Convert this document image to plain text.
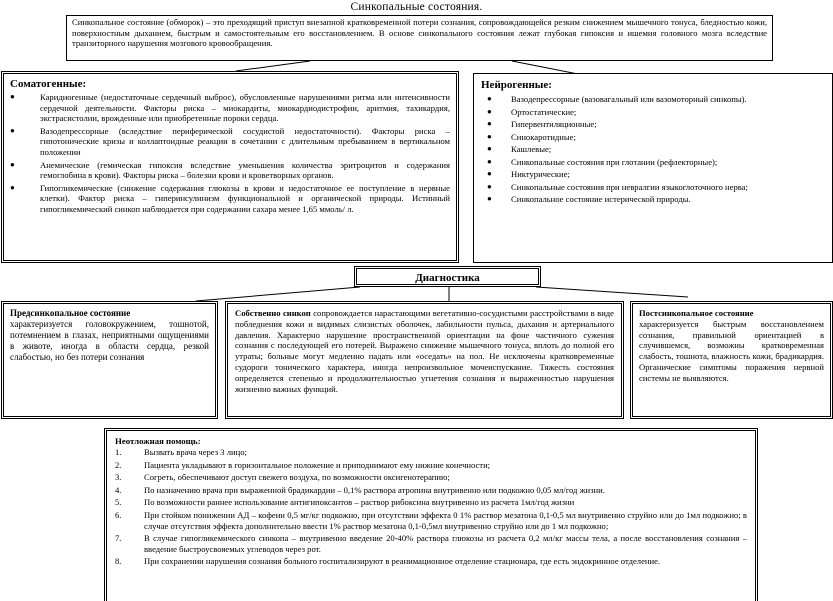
Синкопальные состояния.
Синкопальное состояние (обморок) – это преходящий приступ внезапной кратковременной потери сознания, сопровождающейся резким снижением мышечного тонуса, бледностью кожи, поверхностным дыханием, быстрым и самостоятельным его восстановлением. В основе синкопального состояния лежат глубокая гипоксия и ишемия головного мозга вследствие транзиторного нарушения мозгового кровообращения.
Соматогенные:
●	Каридиогенные (недостаточные сердечный выброс), обусловленные нарушениями ритма или интенсивности сердечной деятельности. Факторы риска – миокардиты, миокардиодистрофии, аритмия, тахикардия, экстрасистолии, врожденные или приобретенные пороки сердца.
●	Вазодепрессорные (вследствие периферической сосудистой недостаточности). Факторы риска – гипотонические кризы и коллаптоидные реакции в сочетании с длительным пребыванием в вертикальном положении
●	Анемические (гемическая гипоксия вследствие уменьшения количества эритроцитов и содержания гемоглобина в крови). Факторы риска – болезни крови и кроветворных органов.
●	Гипогликемические (снижение содержания глюкозы в крови и недостаточное ее поступление в нервные клетки). Фактор риска – гиперинсулинизм функциональной и органической природы. Истинный гипогликемический синкоп наблюдается при содержании сахара менее 1,65 ммоль/ л.
Нейрогенные:
● Вазодепрессорные (вазовагальный или вазомоторный синкопы).
● Ортостатические;
● Гипервентиляционные;
● Синокаротидные;
● Кашлевые;
● Синкопальные состояния при глотании (рефлекторные);
● Никтурические;
● Синкопальные состояния при невралгии языкоглоточного нерва;
● Синкопальное состояние истерической природы.
Диагностика
Предсинкопальное состояние
характеризуется головокружением, тошнотой, потемнением в глазах, неприятными ощущениями в животе, иногда в области сердца, резкой слабостью, но без потери сознания
Собственно синкоп сопровождается нарастающими вегетативно-сосудистыми расстройствами в виде побледнения кожи и видимых слизистых оболочек, лабильности пульса, дыхания и артериального давления. Характерно нарушение пространственной ориентации на фоне частичного сужения сознания с последующей его потерей. Выражено снижение мышечного тонуса, вплоть до полной его утраты; больные могут медленно падать или «оседать» на пол. Не исключены кратковременные судороги тонического характера, иногда непроизвольное мочеиспускание. Тяжесть состояния определяется степенью и продолжительностью угнетения сознания и выраженностью нарушения жизненно важных функций.
Постсинкопальное состояние
характеризуется быстрым восстановлением сознания, правильной ориентацией в случившемся, возможны кратковременная слабость, тошнота, влажность кожи, брадикардия. Органические симптомы поражения нервной системы не выявляются.
Неотложная помощь:
1.	Вызвать врача через 3 лицо;
2.	Пациента укладывают в горизонтальное положение и приподнимают ему нижние конечности;
3.	Согреть, обеспечивают доступ свежего воздуха, по возможности оксигенотерапию;
4.	По назначению врача при выраженной брадикардии – 0,1% раствора атропина внутривенно или подкожно 0,05 мл/год жизни.
5.	По возможности раннее использование антигипоксантов – раствор рибоксина внутривенно из расчета 1мл/год жизни
6.	При стойком понижении АД – кофеин 0,5 мг/кг подкожно, при отсутствии эффекта 0 1% раствор мезатона 0,1-0,5 мл внутривенно струйно или до 1мл подкожно; в случае отсутствия эффекта дополнительно ввести 1% раствор мезатона 0,1-0,5мл внутривенно струйно или до 1 мл подкожно;
7.	В случае гипогликемического синкопа – внутривенно введение 20-40% раствора глюкозы из расчета 0,2 мл/кг массы тела, а после восстановления сознания – введение быстроусвояемых углеводов через рот.
8.	При сохранении нарушения сознания больного госпитализируют в реанимационное отделение стационара, где есть эндокринное отделение.
